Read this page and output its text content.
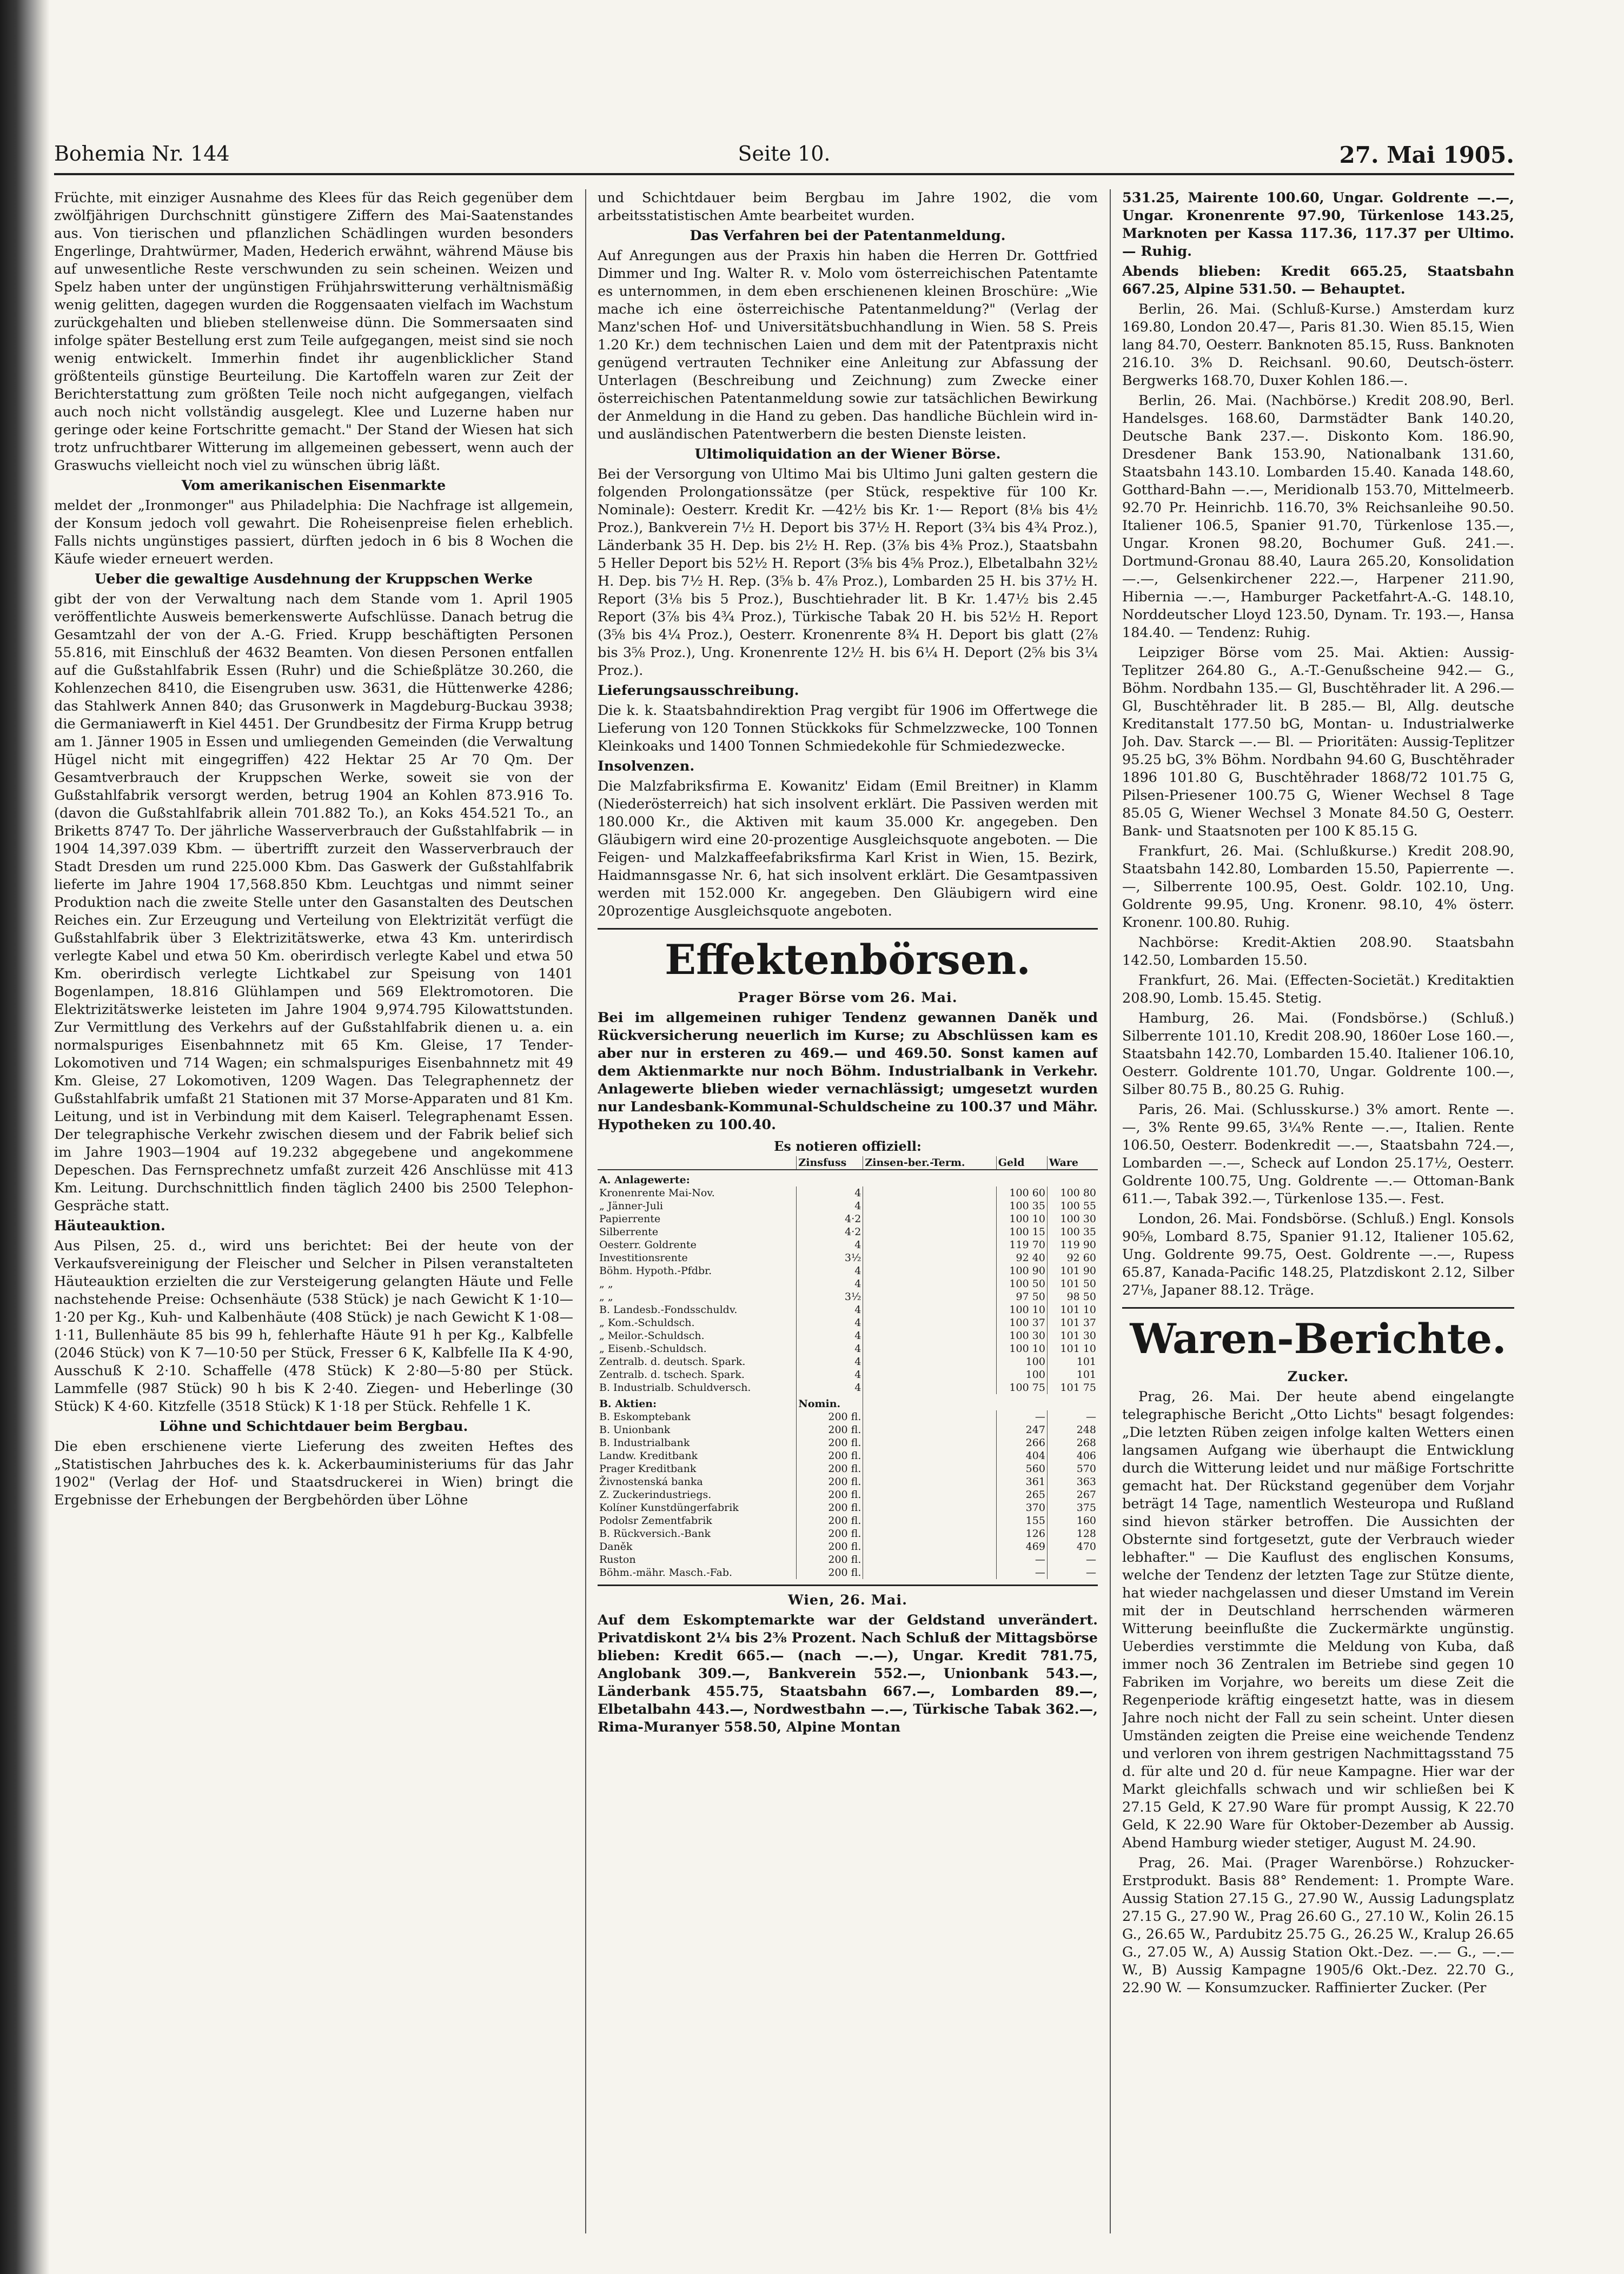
Bohemia Nr. 144	Seite 10.	27. Mai 1905.

Früchte, mit einziger Ausnahme des Klees für das Reich gegenüber dem zwölfjährigen Durchschnitt günstigere Ziffern des Mai-Saatenstandes aus. Von tierischen und pflanzlichen Schädlingen wurden besonders Engerlinge, Drahtwürmer, Maden, Hederich erwähnt, während Mäuse bis auf unwesentliche Reste verschwunden zu sein scheinen. Weizen und Spelz haben unter der ungünstigen Frühjahrswitterung verhältnismäßig wenig gelitten, dagegen wurden die Roggensaaten vielfach im Wachstum zurückgehalten und blieben stellenweise dünn. Die Sommersaaten sind infolge später Bestellung erst zum Teile aufgegangen, meist sind sie noch wenig entwickelt. Immerhin findet ihr augenblicklicher Stand größtenteils günstige Beurteilung. Die Kartoffeln waren zur Zeit der Berichterstattung zum größten Teile noch nicht aufgegangen, vielfach auch noch nicht vollständig ausgelegt. Klee und Luzerne haben nur geringe oder keine Fortschritte gemacht." Der Stand der Wiesen hat sich trotz unfruchtbarer Witterung im allgemeinen gebessert, wenn auch der Graswuchs vielleicht noch viel zu wünschen übrig läßt.

Vom amerikanischen Eisenmarkte

meldet der „Ironmonger" aus Philadelphia: Die Nachfrage ist allgemein, der Konsum jedoch voll gewahrt. Die Roheisenpreise fielen erheblich. Falls nichts ungünstiges passiert, dürften jedoch in 6 bis 8 Wochen die Käufe wieder erneuert werden.

Ueber die gewaltige Ausdehnung der Kruppschen Werke

gibt der von der Verwaltung nach dem Stande vom 1. April 1905 veröffentlichte Ausweis bemerkenswerte Aufschlüsse. Danach betrug die Gesamtzahl der von der A.-G. Fried. Krupp beschäftigten Personen 55.816, mit Einschluß der 4632 Beamten. Von diesen Personen entfallen auf die Gußstahlfabrik Essen (Ruhr) und die Schießplätze 30.260, die Kohlenzechen 8410, die Eisengruben usw. 3631, die Hüttenwerke 4286; das Stahlwerk Annen 840; das Grusonwerk in Magdeburg-Buckau 3938; die Germaniawerft in Kiel 4451. Der Grundbesitz der Firma Krupp betrug am 1. Jänner 1905 in Essen und umliegenden Gemeinden (die Verwaltung Hügel nicht mit eingegriffen) 422 Hektar 25 Ar 70 Qm. Der Gesamtverbrauch der Kruppschen Werke, soweit sie von der Gußstahlfabrik versorgt werden, betrug 1904 an Kohlen 873.916 To. (davon die Gußstahlfabrik allein 701.882 To.), an Koks 454.521 To., an Briketts 8747 To. Der jährliche Wasserverbrauch der Gußstahlfabrik — in 1904 14,397.039 Kbm. — übertrifft zurzeit den Wasserverbrauch der Stadt Dresden um rund 225.000 Kbm. Das Gaswerk der Gußstahlfabrik lieferte im Jahre 1904 17,568.850 Kbm. Leuchtgas und nimmt seiner Produktion nach die zweite Stelle unter den Gasanstalten des Deutschen Reiches ein. Zur Erzeugung und Verteilung von Elektrizität verfügt die Gußstahlfabrik über 3 Elektrizitätswerke, etwa 43 Km. unterirdisch verlegte Kabel und etwa 50 Km. oberirdisch verlegte Kabel und etwa 50 Km. oberirdisch verlegte Lichtkabel zur Speisung von 1401 Bogenlampen, 18.816 Glühlampen und 569 Elektromotoren. Die Elektrizitätswerke leisteten im Jahre 1904 9,974.795 Kilowattstunden. Zur Vermittlung des Verkehrs auf der Gußstahlfabrik dienen u. a. ein normalspuriges Eisenbahnnetz mit 65 Km. Gleise, 17 Tender-Lokomotiven und 714 Wagen; ein schmalspuriges Eisenbahnnetz mit 49 Km. Gleise, 27 Lokomotiven, 1209 Wagen. Das Telegraphennetz der Gußstahlfabrik umfaßt 21 Stationen mit 37 Morse-Apparaten und 81 Km. Leitung, und ist in Verbindung mit dem Kaiserl. Telegraphenamt Essen. Der telegraphische Verkehr zwischen diesem und der Fabrik belief sich im Jahre 1903—1904 auf 19.232 abgegebene und angekommene Depeschen. Das Fernsprechnetz umfaßt zurzeit 426 Anschlüsse mit 413 Km. Leitung. Durchschnittlich finden täglich 2400 bis 2500 Telephon-Gespräche statt.

Häuteauktion.

Aus Pilsen, 25. d., wird uns berichtet: Bei der heute von der Verkaufsvereinigung der Fleischer und Selcher in Pilsen veranstalteten Häuteauktion erzielten die zur Versteigerung gelangten Häute und Felle nachstehende Preise: Ochsenhäute (538 Stück) je nach Gewicht K 1·10—1·20 per Kg., Kuh- und Kalbenhäute (408 Stück) je nach Gewicht K 1·08—1·11, Bullenhäute 85 bis 99 h, fehlerhafte Häute 91 h per Kg., Kalbfelle (2046 Stück) von K 7—10·50 per Stück, Fresser 6 K, Kalbfelle IIa K 4·90, Ausschuß K 2·10. Schaffelle (478 Stück) K 2·80—5·80 per Stück. Lammfelle (987 Stück) 90 h bis K 2·40. Ziegen- und Heberlinge (30 Stück) K 4·60. Kitzfelle (3518 Stück) K 1·18 per Stück. Rehfelle 1 K.

Löhne und Schichtdauer beim Bergbau.

Die eben erschienene vierte Lieferung des zweiten Heftes des „Statistischen Jahrbuches des k. k. Ackerbauministeriums für das Jahr 1902" (Verlag der Hof- und Staatsdruckerei in Wien) bringt die Ergebnisse der Erhebungen der Bergbehörden über Löhne

und Schichtdauer beim Bergbau im Jahre 1902, die vom arbeitsstatistischen Amte bearbeitet wurden.

Das Verfahren bei der Patentanmeldung.

Auf Anregungen aus der Praxis hin haben die Herren Dr. Gottfried Dimmer und Ing. Walter R. v. Molo vom österreichischen Patentamte es unternommen, in dem eben erschienenen kleinen Broschüre: „Wie mache ich eine österreichische Patentanmeldung?" (Verlag der Manz'schen Hof- und Universitätsbuchhandlung in Wien. 58 S. Preis 1.20 Kr.) dem technischen Laien und dem mit der Patentpraxis nicht genügend vertrauten Techniker eine Anleitung zur Abfassung der Unterlagen (Beschreibung und Zeichnung) zum Zwecke einer österreichischen Patentanmeldung sowie zur tatsächlichen Bewirkung der Anmeldung in die Hand zu geben. Das handliche Büchlein wird in- und ausländischen Patentwerbern die besten Dienste leisten.

Ultimoliquidation an der Wiener Börse.

Bei der Versorgung von Ultimo Mai bis Ultimo Juni galten gestern die folgenden Prolongationssätze (per Stück, respektive für 100 Kr. Nominale): Oesterr. Kredit Kr. —42½ bis Kr. 1·— Report (8⅛ bis 4½ Proz.), Bankverein 7½ H. Deport bis 37½ H. Report (3¾ bis 4¾ Proz.), Länderbank 35 H. Dep. bis 2½ H. Rep. (3⅞ bis 4⅜ Proz.), Staatsbahn 5 Heller Deport bis 52½ H. Report (3⅝ bis 4⅝ Proz.), Elbetalbahn 32½ H. Dep. bis 7½ H. Rep. (3⅝ b. 4⅞ Proz.), Lombarden 25 H. bis 37½ H. Report (3⅛ bis 5 Proz.), Buschtiehrader lit. B Kr. 1.47½ bis 2.45 Report (3⅞ bis 4¾ Proz.), Türkische Tabak 20 H. bis 52½ H. Report (3⅝ bis 4¼ Proz.), Oesterr. Kronenrente 8¾ H. Deport bis glatt (2⅞ bis 3⅝ Proz.), Ung. Kronenrente 12½ H. bis 6¼ H. Deport (2⅝ bis 3¼ Proz.).

Lieferungsausschreibung.

Die k. k. Staatsbahndirektion Prag vergibt für 1906 im Offertwege die Lieferung von 120 Tonnen Stückkoks für Schmelzzwecke, 100 Tonnen Kleinkoaks und 1400 Tonnen Schmiedekohle für Schmiedezwecke.

Insolvenzen.

Die Malzfabriksfirma E. Kowanitz' Eidam (Emil Breitner) in Klamm (Niederösterreich) hat sich insolvent erklärt. Die Passiven werden mit 180.000 Kr., die Aktiven mit kaum 35.000 Kr. angegeben. Den Gläubigern wird eine 20-prozentige Ausgleichsquote angeboten. — Die Feigen- und Malzkaffeefabriksfirma Karl Krist in Wien, 15. Bezirk, Haidmannsgasse Nr. 6, hat sich insolvent erklärt. Die Gesamtpassiven werden mit 152.000 Kr. angegeben. Den Gläubigern wird eine 20prozentige Ausgleichsquote angeboten.

Effektenbörsen.

Prager Börse vom 26. Mai.

Bei im allgemeinen ruhiger Tendenz gewannen Daněk und Rückversicherung neuerlich im Kurse; zu Abschlüssen kam es aber nur in ersteren zu 469.— und 469.50. Sonst kamen auf dem Aktienmarkte nur noch Böhm. Industrialbank in Verkehr. Anlagewerte blieben wieder vernachlässigt; umgesetzt wurden nur Landesbank-Kommunal-Schuldscheine zu 100.37 und Mähr. Hypotheken zu 100.40.

Es notieren offiziell:
	Zinsfuss	Zinsen-ber.-Term.	Geld	Ware
A. Anlagewerte:				
Kronenrente Mai-Nov.	4		100 60	100 80
„ Jänner-Juli	4		100 35	100 55
Papierrente	4·2		100 10	100 30
Silberrente	4·2		100 15	100 35
Oesterr. Goldrente	4		119 70	119 90
Investitionsrente	3½		92 40	92 60
Böhm. Hypoth.-Pfdbr.	4		100 90	101 90
„ „	4		100 50	101 50
„ „	3½		97 50	98 50
B. Landesb.-Fondsschuldv.	4		100 10	101 10
„ Kom.-Schuldsch.	4		100 37	101 37
„ Meilor.-Schuldsch.	4		100 30	101 30
„ Eisenb.-Schuldsch.	4		100 10	101 10
Zentralb. d. deutsch. Spark.	4		100	101
Zentralb. d. tschech. Spark.	4		100	101
B. Industrialb. Schuldversch.	4		100 75	101 75
B. Aktien:	Nomin.			
B. Eskomptebank	200 fl.		—	—
B. Unionbank	200 fl.		247	248
B. Industrialbank	200 fl.		266	268
Landw. Kreditbank	200 fl.		404	406
Prager Kreditbank	200 fl.		560	570
Živnostenská banka	200 fl.		361	363
Z. Zuckerindustriegs.	200 fl.		265	267
Kolíner Kunstdüngerfabrik	200 fl.		370	375
Podolsr Zementfabrik	200 fl.		155	160
B. Rückversich.-Bank	200 fl.		126	128
Daněk	200 fl.		469	470
Ruston	200 fl.		—	—
Böhm.-mähr. Masch.-Fab.	200 fl.		—	—

Wien, 26. Mai.

Auf dem Eskomptemarkte war der Geldstand unverändert. Privatdiskont 2¼ bis 2⅜ Prozent. Nach Schluß der Mittagsbörse blieben: Kredit 665.— (nach —.—), Ungar. Kredit 781.75, Anglobank 309.—, Bankverein 552.—, Unionbank 543.—, Länderbank 455.75, Staatsbahn 667.—, Lombarden 89.—, Elbetalbahn 443.—, Nordwestbahn —.—, Türkische Tabak 362.—, Rima-Muranyer 558.50, Alpine Montan

531.25, Mairente 100.60, Ungar. Goldrente —.—, Ungar. Kronenrente 97.90, Türkenlose 143.25, Marknoten per Kassa 117.36, 117.37 per Ultimo. — Ruhig.

Abends blieben: Kredit 665.25, Staatsbahn 667.25, Alpine 531.50. — Behauptet.

Berlin, 26. Mai. (Schluß-Kurse.) Amsterdam kurz 169.80, London 20.47—, Paris 81.30. Wien 85.15, Wien lang 84.70, Oesterr. Banknoten 85.15, Russ. Banknoten 216.10. 3% D. Reichsanl. 90.60, Deutsch-österr. Bergwerks 168.70, Duxer Kohlen 186.—.

Berlin, 26. Mai. (Nachbörse.) Kredit 208.90, Berl. Handelsges. 168.60, Darmstädter Bank 140.20, Deutsche Bank 237.—. Diskonto Kom. 186.90, Dresdener Bank 153.90, Nationalbank 131.60, Staatsbahn 143.10. Lombarden 15.40. Kanada 148.60, Gotthard-Bahn —.—, Meridionalb 153.70, Mittelmeerb. 92.70 Pr. Heinrichb. 116.70, 3% Reichsanleihe 90.50. Italiener 106.5, Spanier 91.70, Türkenlose 135.—, Ungar. Kronen 98.20, Bochumer Guß. 241.—. Dortmund-Gronau 88.40, Laura 265.20, Konsolidation —.—, Gelsenkirchener 222.—, Harpener 211.90, Hibernia —.—, Hamburger Packetfahrt-A.-G. 148.10, Norddeutscher Lloyd 123.50, Dynam. Tr. 193.—, Hansa 184.40. — Tendenz: Ruhig.

Leipziger Börse vom 25. Mai. Aktien: Aussig-Teplitzer 264.80 G., A.-T.-Genußscheine 942.— G., Böhm. Nordbahn 135.— Gl, Buschtěhrader lit. A 296.— Gl, Buschtěhrader lit. B 285.— Bl, Allg. deutsche Kreditanstalt 177.50 bG, Montan- u. Industrialwerke Joh. Dav. Starck —.— Bl. — Prioritäten: Aussig-Teplitzer 95.25 bG, 3% Böhm. Nordbahn 94.60 G, Buschtěhrader 1896 101.80 G, Buschtěhrader 1868/72 101.75 G, Pilsen-Priesener 100.75 G, Wiener Wechsel 8 Tage 85.05 G, Wiener Wechsel 3 Monate 84.50 G, Oesterr. Bank- und Staatsnoten per 100 K 85.15 G.

Frankfurt, 26. Mai. (Schlußkurse.) Kredit 208.90, Staatsbahn 142.80, Lombarden 15.50, Papierrente —.—, Silberrente 100.95, Oest. Goldr. 102.10, Ung. Goldrente 99.95, Ung. Kronenr. 98.10, 4% österr. Kronenr. 100.80. Ruhig.

Nachbörse: Kredit-Aktien 208.90. Staatsbahn 142.50, Lombarden 15.50.

Frankfurt, 26. Mai. (Effecten-Societät.) Kreditaktien 208.90, Lomb. 15.45. Stetig.

Hamburg, 26. Mai. (Fondsbörse.) (Schluß.) Silberrente 101.10, Kredit 208.90, 1860er Lose 160.—, Staatsbahn 142.70, Lombarden 15.40. Italiener 106.10, Oesterr. Goldrente 101.70, Ungar. Goldrente 100.—, Silber 80.75 B., 80.25 G. Ruhig.

Paris, 26. Mai. (Schlusskurse.) 3% amort. Rente —.—, 3% Rente 99.65, 3¼% Rente —.—, Italien. Rente 106.50, Oesterr. Bodenkredit —.—, Staatsbahn 724.—, Lombarden —.—, Scheck auf London 25.17½, Oesterr. Goldrente 100.75, Ung. Goldrente —.— Ottoman-Bank 611.—, Tabak 392.—, Türkenlose 135.—. Fest.

London, 26. Mai. Fondsbörse. (Schluß.) Engl. Konsols 90⅝, Lombard 8.75, Spanier 91.12, Italiener 105.62, Ung. Goldrente 99.75, Oest. Goldrente —.—, Rupess 65.87, Kanada-Pacific 148.25, Platzdiskont 2.12, Silber 27⅛, Japaner 88.12. Träge.

Waren-Berichte.

Zucker.

Prag, 26. Mai. Der heute abend eingelangte telegraphische Bericht „Otto Lichts" besagt folgendes: „Die letzten Rüben zeigen infolge kalten Wetters einen langsamen Aufgang wie überhaupt die Entwicklung durch die Witterung leidet und nur mäßige Fortschritte gemacht hat. Der Rückstand gegenüber dem Vorjahr beträgt 14 Tage, namentlich Westeuropa und Rußland sind hievon stärker betroffen. Die Aussichten der Obsternte sind fortgesetzt, gute der Verbrauch wieder lebhafter." — Die Kauflust des englischen Konsums, welche der Tendenz der letzten Tage zur Stütze diente, hat wieder nachgelassen und dieser Umstand im Verein mit der in Deutschland herrschenden wärmeren Witterung beeinflußte die Zuckermärkte ungünstig. Ueberdies verstimmte die Meldung von Kuba, daß immer noch 36 Zentralen im Betriebe sind gegen 10 Fabriken im Vorjahre, wo bereits um diese Zeit die Regenperiode kräftig eingesetzt hatte, was in diesem Jahre noch nicht der Fall zu sein scheint. Unter diesen Umständen zeigten die Preise eine weichende Tendenz und verloren von ihrem gestrigen Nachmittagsstand 75 d. für alte und 20 d. für neue Kampagne. Hier war der Markt gleichfalls schwach und wir schließen bei K 27.15 Geld, K 27.90 Ware für prompt Aussig, K 22.70 Geld, K 22.90 Ware für Oktober-Dezember ab Aussig. Abend Hamburg wieder stetiger, August M. 24.90.

Prag, 26. Mai. (Prager Warenbörse.) Rohzucker-Erstprodukt. Basis 88° Rendement: 1. Prompte Ware. Aussig Station 27.15 G., 27.90 W., Aussig Ladungsplatz 27.15 G., 27.90 W., Prag 26.60 G., 27.10 W., Kolin 26.15 G., 26.65 W., Pardubitz 25.75 G., 26.25 W., Kralup 26.65 G., 27.05 W., A) Aussig Station Okt.-Dez. —.— G., —.— W., B) Aussig Kampagne 1905/6 Okt.-Dez. 22.70 G., 22.90 W. — Konsumzucker. Raffinierter Zucker. (Per
